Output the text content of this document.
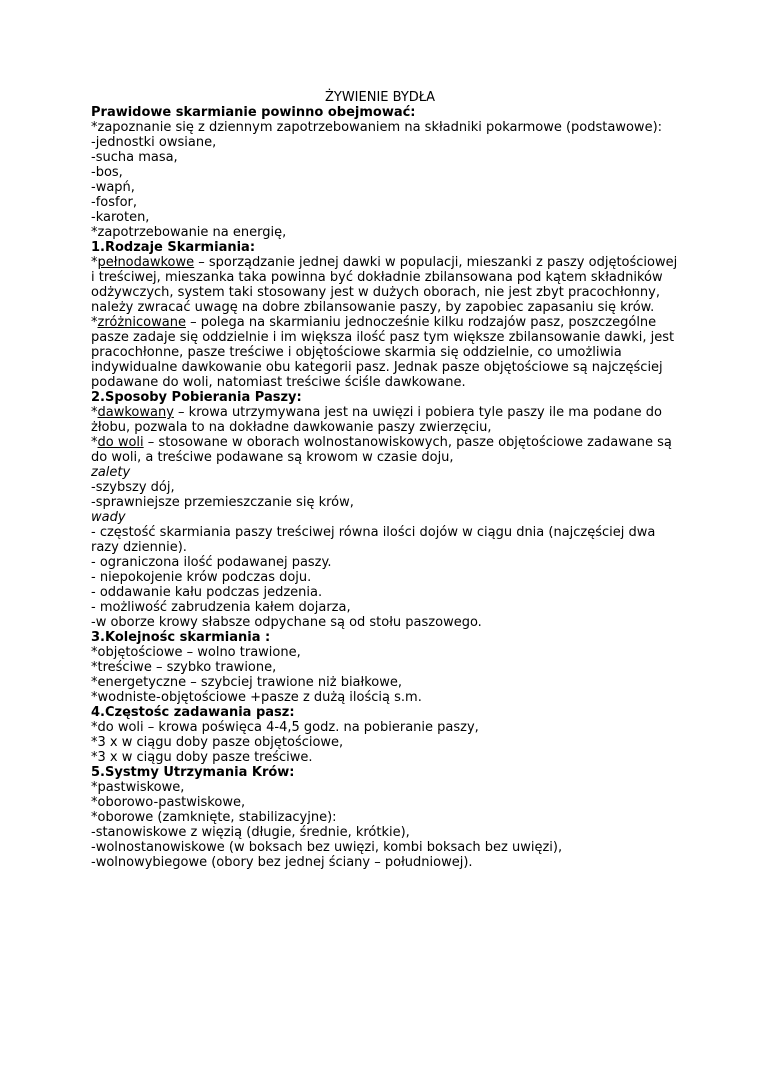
ŻYWIENIE BYDŁA
Prawidowe skarmianie powinno obejmować:
*zapoznanie się z dziennym zapotrzebowaniem na składniki pokarmowe (podstawowe):
-jednostki owsiane,
-sucha masa,
-bos,
-wapń,
-fosfor,
-karoten,
*zapotrzebowanie na energię,
1.Rodzaje Skarmiania:
*pełnodawkowe – sporządzanie jednej dawki w populacji, mieszanki z paszy odjętościowej
i treściwej, mieszanka taka powinna być dokładnie zbilansowana pod kątem składników
odżywczych, system taki stosowany jest w dużych oborach, nie jest zbyt pracochłonny,
należy zwracać uwagę na dobre zbilansowanie paszy, by zapobiec zapasaniu się krów.
*zróżnicowane – polega na skarmianiu jednocześnie kilku rodzajów pasz, poszczególne
pasze zadaje się oddzielnie i im większa ilość pasz tym większe zbilansowanie dawki, jest
pracochłonne, pasze treściwe i objętościowe skarmia się oddzielnie, co umożliwia
indywidualne dawkowanie obu kategorii pasz. Jednak pasze objętościowe są najczęściej
podawane do woli, natomiast treściwe ściśle dawkowane.
2.Sposoby Pobierania Paszy:
*dawkowany – krowa utrzymywana jest na uwięzi i pobiera tyle paszy ile ma podane do
żłobu, pozwala to na dokładne dawkowanie paszy zwierzęciu,
*do woli – stosowane w oborach wolnostanowiskowych, pasze objętościowe zadawane są
do woli, a treściwe podawane są krowom w czasie doju,
zalety
-szybszy dój,
-sprawniejsze przemieszczanie się krów,
wady
- częstość skarmiania paszy treściwej równa ilości dojów w ciągu dnia (najczęściej dwa
razy dziennie).
- ograniczona ilość podawanej paszy.
- niepokojenie krów podczas doju.
- oddawanie kału podczas jedzenia.
- możliwość zabrudzenia kałem dojarza,
-w oborze krowy słabsze odpychane są od stołu paszowego.
3.Kolejnośc skarmiania :
*objętościowe – wolno trawione,
*treściwe – szybko trawione,
*energetyczne – szybciej trawione niż białkowe,
*wodniste-objętościowe +pasze z dużą ilością s.m.
4.Częstośc zadawania pasz:
*do woli – krowa poświęca 4-4,5 godz. na pobieranie paszy,
*3 x w ciągu doby pasze objętościowe,
*3 x w ciągu doby pasze treściwe.
5.Systmy Utrzymania Krów:
*pastwiskowe,
*oborowo-pastwiskowe,
*oborowe (zamknięte, stabilizacyjne):
-stanowiskowe z więzią (długie, średnie, krótkie),
-wolnostanowiskowe (w boksach bez uwięzi, kombi boksach bez uwięzi),
-wolnowybiegowe (obory bez jednej ściany – południowej).
